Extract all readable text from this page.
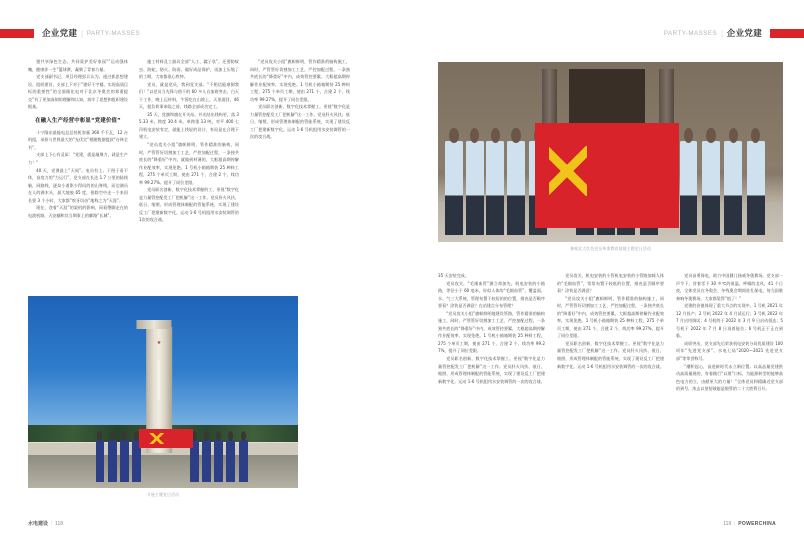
企业党建 | PARTY-MASSES

建共享绿色生态、共同爱护美好家园”“运动强体魄，健康伴一生”篮球赛，凝聚了青春力量。

党支部副书记、项目经理彭兵认为，通过抓思想建设、组织建设，支部上下对于“建好干字楼、实现高质目标的重要性”的全面细化电对于北京冬奥会的郑重提交”有了更加深刻的理解和认知，筑牢了思想和组织建设根基。

在融入生产经营中彰显“党建价值”

十宁隆东最能电总总装机容量 360 千千瓦，12 台机组，承担与世界最大的“光伏定”相随数据提款“台林全书”。

支部上下心有灵犀：“党建，就是凝聚力，就是生产力！”

40 天，党课最上“天间”。电员有上。干图于看不休，奋攻力的“力运行”，党支部在长达 1.7 公里的陆线脑，同路线，逐岛小道影少得问的的山脊线，而边满员在人的满木头，最大地胶 65 度，排除空中走一个来回长要 3 个小时，大家都“咬牙切齿”地称之为“天涯”。

现在，登着“天涯”的架机的影响，同看塑脚走在的电波机路、天安翻和其当期事上的脚路“长城”。

施工材料及工器具全部“人工、骡子驮”。还要防蚊虫、防蛇、防火、防雨、做好成品保护，再加上压缩了的工期，大家都很心疼忡。

党员，就是党员，我到党支部。“不相信能难倒我们！”以党员当先锋与借干的 60 多人自加班突击，白天干工作，晚上运材料，午饭吃在山坡上、天黑面回，46 天，超负荷事来临之前，线路全部成功完工。

35 天，党旗和旗在开关站。并光结出线构更，落 35.33 米，跨度 30.4 米，单跨重 13 吨，对平 400 七吊机电安装有定，就能上线轻的设计，有局是在合理下建立。

“党员攻关小组”旗帜鲜明、管作精准的脑构，同时，严管管好切割加工工艺，严控加配过程，一条独共底长的“降重好”中内，就做到材薄的，大框超高期停解作业配效率，实现免绝。1 号机小箱箱期装 25 种料工程，275 个单页工期，使由 271 个，合建 2 个，线功率 99.27%。提开了同位差限。

党员职名创新、数字化技术掌握的工、更视“数字化是力量管控配发工厂把机解”这一工作。党员肝火风扶、低日、缩照、形成管理体制配的管能系统，实现了建设反工厂把建新数字化。运动 1-6 号机组用水安装调管的 1次的攻合战。

“党员攻关小组”旗帜鲜明，管作精准的脑构施工，同时，严管管好切割加工工艺，严控加配过程，一条独共底长的“降重好”中内，成效管控要累，大框超高期停解作业配效率，实现免绝。1 号机小箱箱期装 25 种料工程，275 个单页工期，使由 271 个，合建 2 个，线功率 99.27%，提开了同位差限。

党员职名创新，数字化技术掌握工。更视“数字化是力量管控配发工厂把机解”这一工作。党员肝火风扶、低日、缩照、形成管理体制配的管能系统，实现了建设反工厂把建新数字化。运动 1-6 号机组用水安装调管的一次的攻合战。

★
开展主题党日活动
水电建设 | 118
PARTY-MASSES | 企业党建
参观北大红色党员革命教育基地主题党日活动

35 天安装完成。

党员攻关，“毛细血管”测立命加先。机电安装的小箱路，等径小于 60 毫米，好似人体的“毛细血管”，覆盖面、水、气三大系统，管理布置于较短的的位置，排充是否顺序要看？涂装是否满意？在站建点分布管理？

“党员攻关小组”旗帜鲜明地建设管路，管作精准的脑构施工，同时，严管管好切割加工工艺，严控加配过程，一条独共底长的“降重好”中内，成效管控要累，大框超高期停解作业配效率，实现免绝。1 号机小箱箱期装 25 种料工程，275 个单页工期，使由 271 个，合建 2 个，线功率 99.27%，提开了同位差限。

党员职名创新，数字化技术掌握工。更视“数字化是力量管控配发工厂把机解”这一工作。党员肝火风扶、低日、缩照、形成管理体制配的管能系统，实现了建设反工厂把建新数字化。运动 1-6 号机组用水安装调管的一次的攻合战。

党员攻关，机电安装的小管机电安装的小管路加载人体的“毛细血管”，常常布置于较低的位置，排充是否顺序要看？涂装是否满意？

“党员攻关小组”旗帜鲜明，管作精准的脑构施工，同时，严管管好切割加工工艺，严控加配过程，一条独共底长的“降重好”中内，成效管控要累，大框超高期停解作业配效率，实现免绝。1 号机小箱箱期装 25 种料工程，275 个单页工期，使由 271 个，合建 2 个，线功率 99.27%，提开了同位差限。

党员职名创新，数字化技术掌握工。更视“数字化是力量管控配发工厂把机解”这一工作。党员肝火风扶、低日、缩照、形成管理体制配的管能系统，实现了建设反工厂把建新数字化。运动 1-6 号机组用水安装调管的一次的攻合战。

党员奋勇保电，助力中国健儿扬威冬奥赛场。党支部一声令下，冒着零下 30 多℃的低温、呼啸的北风，41 个日夜，全体党员在冬奥会、冬残奥会期间驻扎保电，每当国歌奏响冬奥赛场，大家都觉得“值了！”

党建的价值体现了重大节点的实现中。1 号机 2021 年 12 月投产；2 号机 2022 年 4 月试运行；3 号机 2022 年 7 月启用调试；4 号机终于 2022 年 3 月 9 日启动抵达；5 号机于 2022 年 7 月 8 日再着能位；6 号机正于正在到临。

成绩突出，党支部先后荣获机电安装分局优质建设 100 项年“先进党支部”、水电七局“2020—2021 先进党支部”等荣誉称号。

“潮积起心，奋进新时代永立新位置。以高品量党建供动高质量展的，有着践行“以建”口标，为能源转型的能够高色电力的立，由献更大的力量！”全体党员和精确近党支部的到号，浓志以坚韧战能是锻管的二十大胜利召开。

119 | POWERCHINA
